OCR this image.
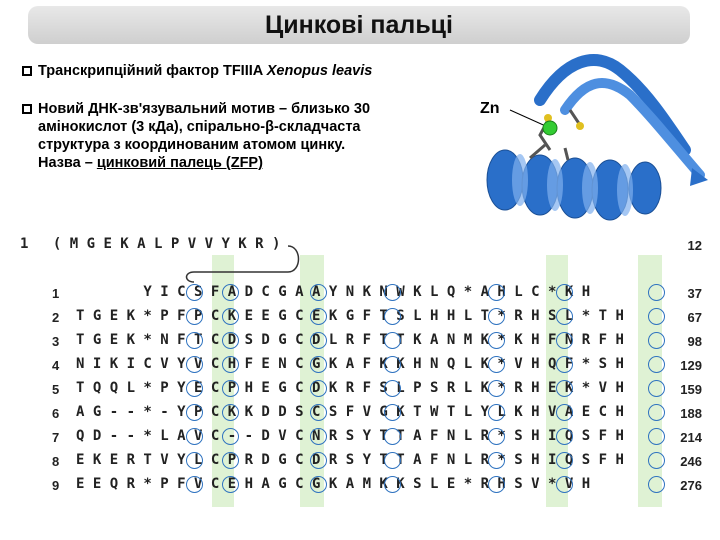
Цинкові пальці
Транскрипційний фактор TFIIIA Xenopus leavis
Новий ДНК-зв'язувальний мотив – близько 30
амінокислот (3 кДа), спірально-β-складчаста
структура з координованим атомом цинку.
Назва – цинковий палець (ZFP)
Zn
1 ( M G E K A L P V V Y K R )	12
1	Y I C S F A D C G A A Y N K N W K L Q * A H L C * K H	37
2	T G E K * P F P C K E E G C E K G F T S L H H L T * R H S L * T H	67
3	T G E K * N F T C D S D G C D L R F T T K A N M K * K H F N R F H	98
4	N I K I C V Y V C H F E N C G K A F K K H N Q L K * V H Q F * S H	129
5	T Q Q L * P Y E C P H E G C D K R F S L P S R L K * R H E K * V H	159
6	A G - - * - Y P C K K D D S C S F V G K T W T L Y L K H V A E C H	188
7	Q D - - * L A V C - - D V C N R S Y T T A F N L R * S H I Q S F H	214
8	E K E R T V Y L C P R D G C D R S Y T T A F N L R * S H I Q S F H	246
9	E E Q R * P F V C E H A G C G K A M K K S L E * R H S V * V H	276
